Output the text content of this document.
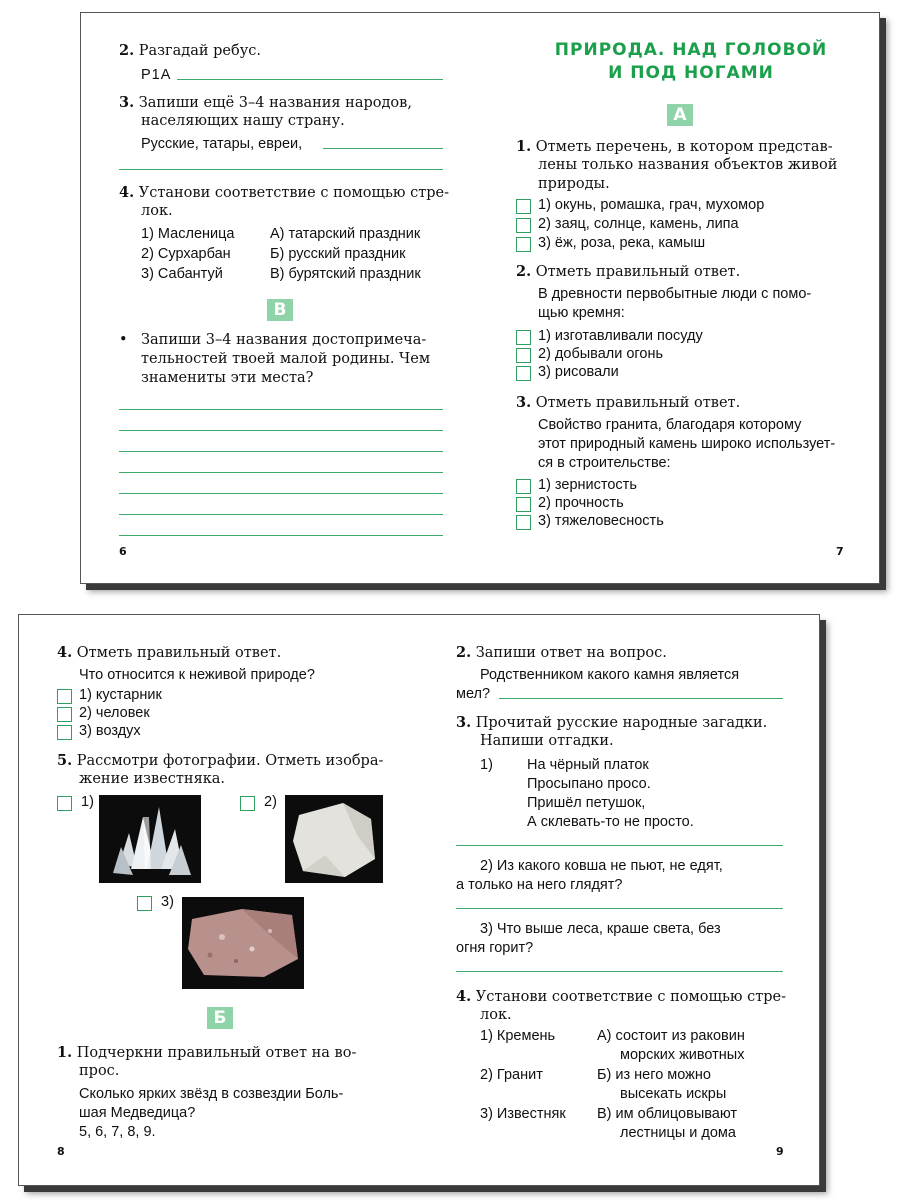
2. Разгадай ребус.
Р1А
3. Запиши ещё 3–4 названия народов,
населяющих нашу страну.
Русские, татары, евреи,
4. Установи соответствие с помощью стре-
лок.
1) Масленица
2) Сурхарбан
3) Сабантуй
А) татарский праздник
Б) русский праздник
В) бурятский праздник
В
• Запиши 3–4 названия достопримеча-
тельностей твоей малой родины. Чем
знамениты эти места?
6
ПРИРОДА. НАД ГОЛОВОЙ
И ПОД НОГАМИ
А
1. Отметь перечень, в котором представ-
лены только названия объектов живой
природы.
1) окунь, ромашка, грач, мухомор
2) заяц, солнце, камень, липа
3) ёж, роза, река, камыш
2. Отметь правильный ответ.
В древности первобытные люди с помо-
щью кремня:
1) изготавливали посуду
2) добывали огонь
3) рисовали
3. Отметь правильный ответ.
Свойство гранита, благодаря которому
этот природный камень широко использует-
ся в строительстве:
1) зернистость
2) прочность
3) тяжеловесность
7
4. Отметь правильный ответ.
Что относится к неживой природе?
1) кустарник
2) человек
3) воздух
5. Рассмотри фотографии. Отметь изобра-
жение известняка.
1)	2)
3)
Б
1. Подчеркни правильный ответ на во-
прос.
Сколько ярких звёзд в созвездии Боль-
шая Медведица?
5, 6, 7, 8, 9.
8
2. Запиши ответ на вопрос.
Родственником какого камня является
мел?
3. Прочитай русские народные загадки.
Напиши отгадки.
1) На чёрный платок
Просыпано просо.
Пришёл петушок,
А склевать-то не просто.
2) Из какого ковша не пьют, не едят,
а только на него глядят?
3) Что выше леса, краше света, без
огня горит?
4. Установи соответствие с помощью стре-
лок.
1) Кремень
2) Гранит
3) Известняк
А) состоит из раковин
морских животных
Б) из него можно
высекать искры
В) им облицовывают
лестницы и дома
9
